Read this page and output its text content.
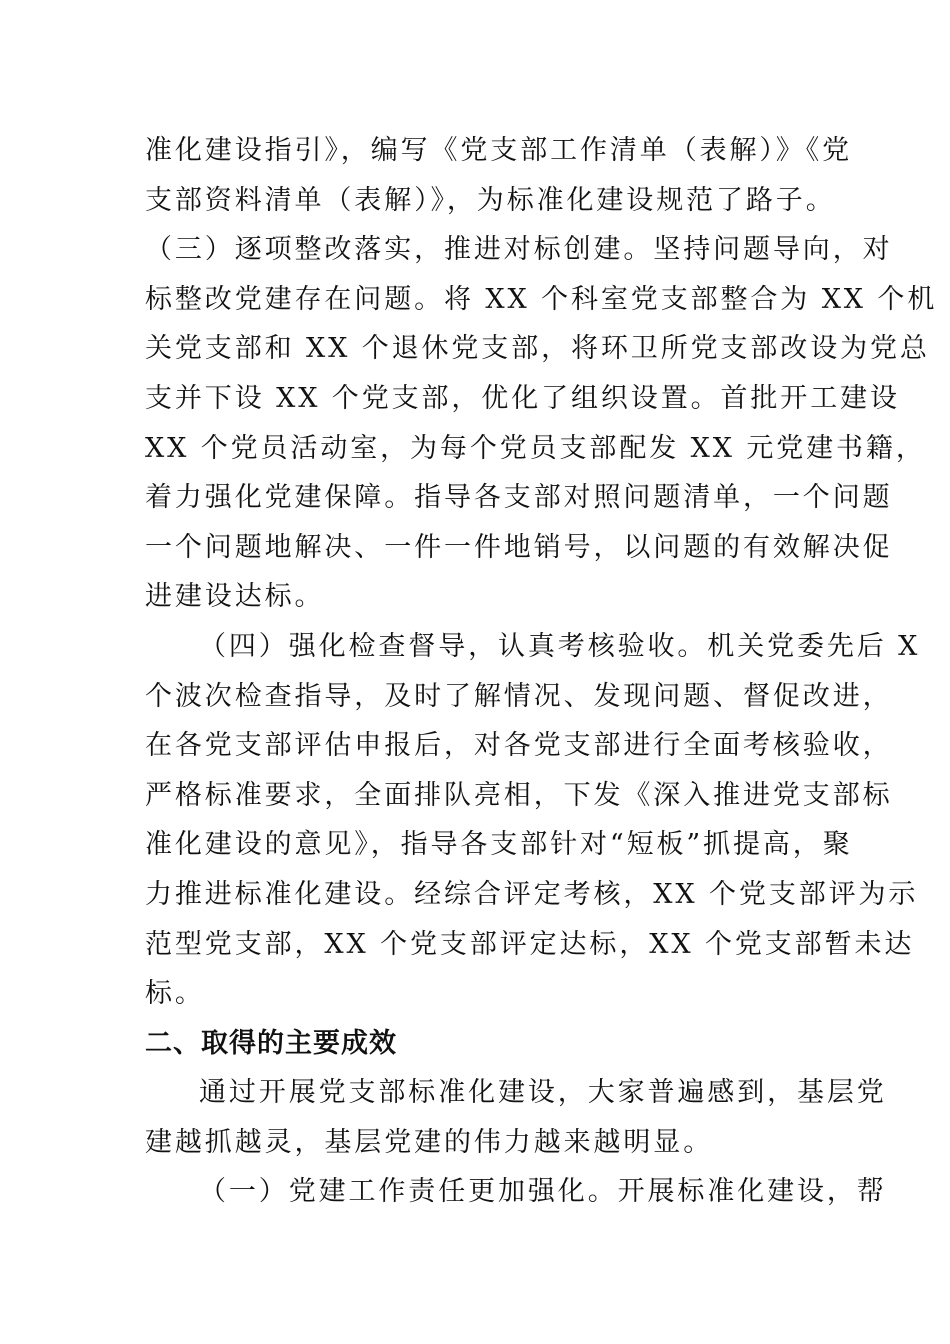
准化建设指引》，编写《党支部工作清单（表解）》《党
支部资料清单（表解）》，为标准化建设规范了路子。
（三）逐项整改落实，推进对标创建。坚持问题导向，对
标整改党建存在问题。将 XX 个科室党支部整合为 XX 个机
关党支部和 XX 个退休党支部，将环卫所党支部改设为党总
支并下设 XX 个党支部，优化了组织设置。首批开工建设
XX 个党员活动室，为每个党员支部配发 XX 元党建书籍，
着力强化党建保障。指导各支部对照问题清单，一个问题
一个问题地解决、一件一件地销号，以问题的有效解决促
进建设达标。
（四）强化检查督导，认真考核验收。机关党委先后 X
个波次检查指导，及时了解情况、发现问题、督促改进，
在各党支部评估申报后，对各党支部进行全面考核验收，
严格标准要求，全面排队亮相，下发《深入推进党支部标
准化建设的意见》，指导各支部针对“短板”抓提高，聚
力推进标准化建设。经综合评定考核，XX 个党支部评为示
范型党支部，XX 个党支部评定达标，XX 个党支部暂未达
标。
二、取得的主要成效
通过开展党支部标准化建设，大家普遍感到，基层党
建越抓越灵，基层党建的伟力越来越明显。
（一）党建工作责任更加强化。开展标准化建设，帮
